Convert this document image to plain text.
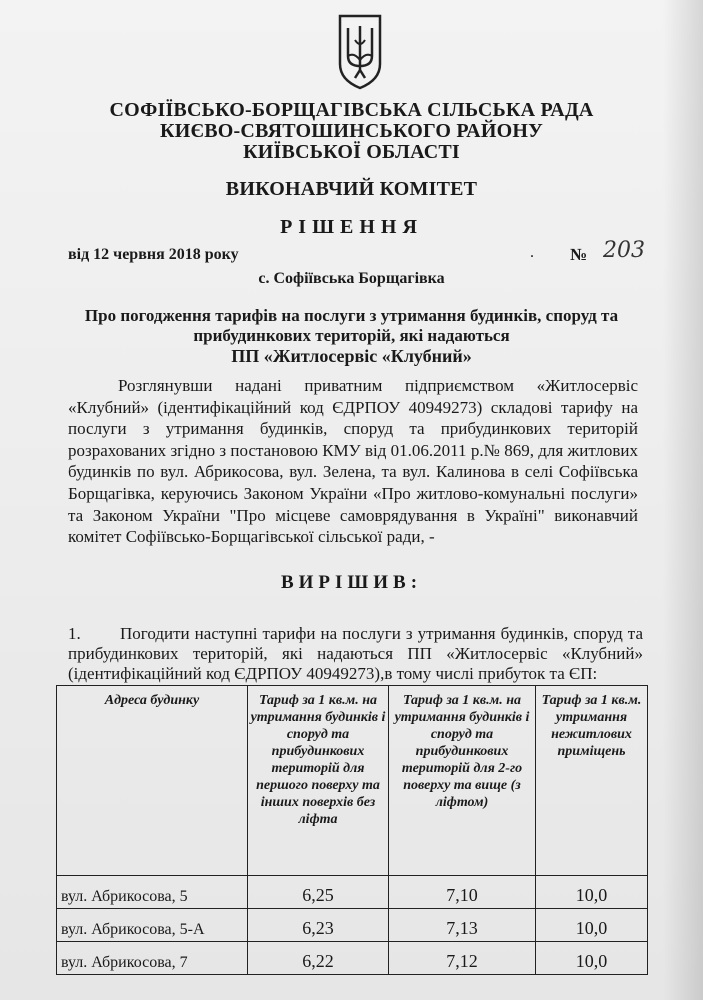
СОФІЇВСЬКО-БОРЩАГІВСЬКА СІЛЬСЬКА РАДА
КИЄВО-СВЯТОШИНСЬКОГО РАЙОНУ
КИЇВСЬКОЇ ОБЛАСТІ
ВИКОНАВЧИЙ КОМІТЕТ
РІШЕННЯ
від 12 червня 2018 року	. № 203
с. Софіївська Борщагівка
Про погодження тарифів на послуги з утримання будинків, споруд та
прибудинкових територій, які надаються
ПП «Житлосервіс «Клубний»

Розглянувши надані приватним підприємством «Житлосервіс «Клубний» (ідентифікаційний код ЄДРПОУ 40949273) складові тарифу на послуги з утримання будинків, споруд та прибудинкових територій розрахованих згідно з постановою КМУ від 01.06.2011 р.№ 869, для житлових будинків по вул. Абрикосова, вул. Зелена, та вул. Калинова в селі Софіївська Борщагівка, керуючись Законом України «Про житлово-комунальні послуги» та Законом України "Про місцеве самоврядування в Україні" виконавчий комітет Софіївсько-Борщагівської сільської ради, -

ВИРІШИВ:

1. Погодити наступні тарифи на послуги з утримання будинків, споруд та прибудинкових територій, які надаються ПП «Житлосервіс «Клубний» (ідентифікаційний код ЄДРПОУ 40949273),в тому числі прибуток та ЄП:

Адреса будинку	Тариф за 1 кв.м. на утримання будинків і споруд та прибудинкових територій для першого поверху та інших поверхів без ліфта	Тариф за 1 кв.м. на утримання будинків і споруд та прибудинкових територій для 2-го поверху та вище (з ліфтом)	Тариф за 1 кв.м. утримання нежитлових приміщень
вул. Абрикосова, 5	6,25	7,10	10,0
вул. Абрикосова, 5-А	6,23	7,13	10,0
вул. Абрикосова, 7	6,22	7,12	10,0
